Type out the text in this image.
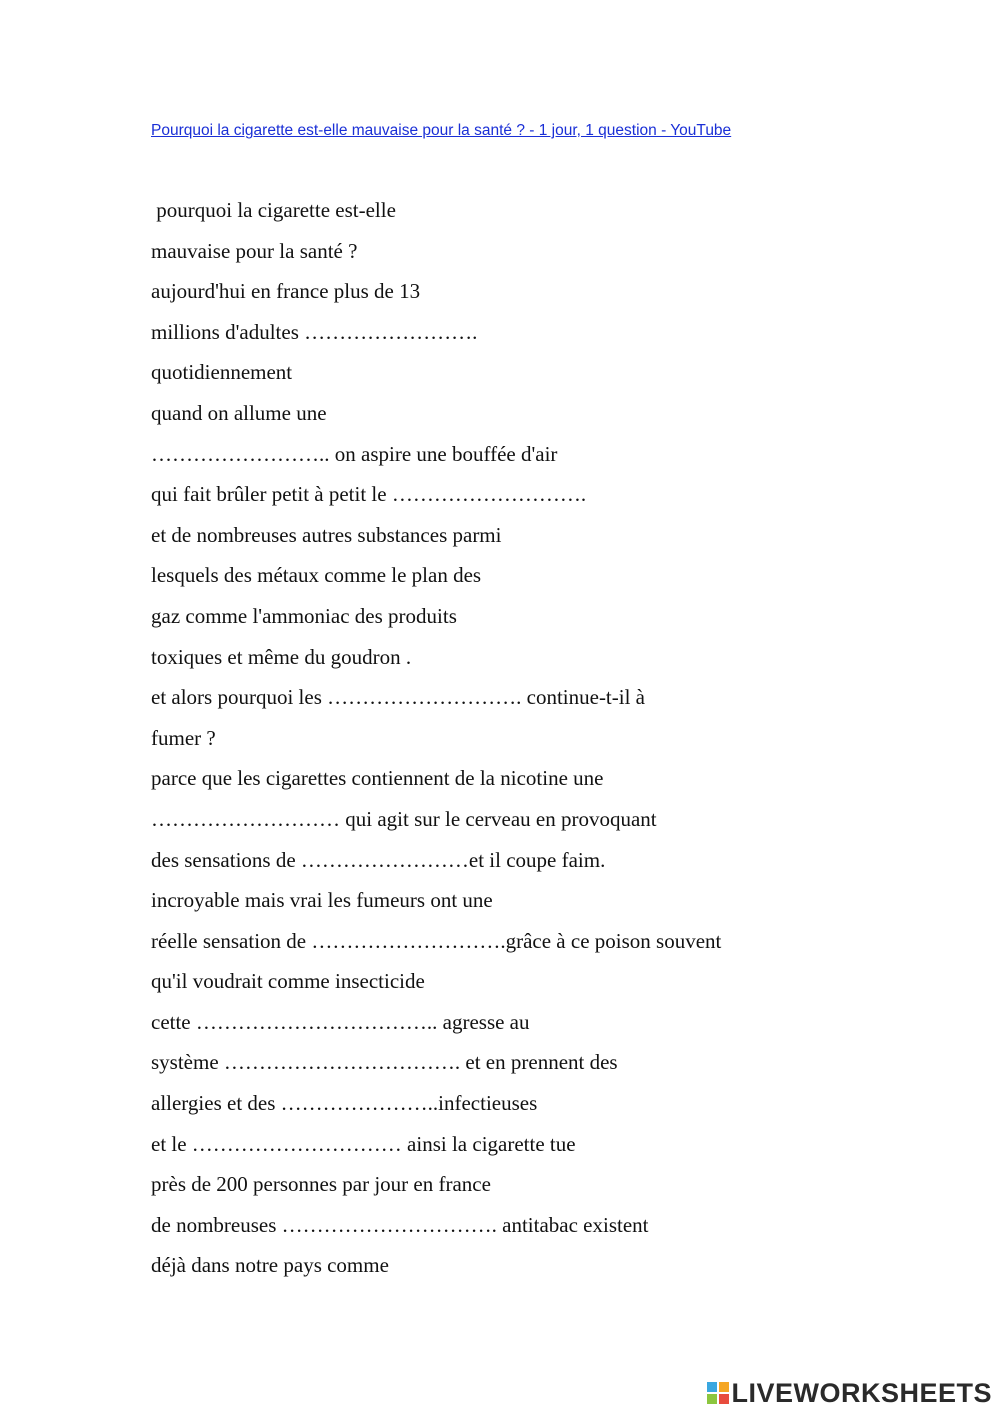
Pourquoi la cigarette est-elle mauvaise pour la santé ? - 1 jour, 1 question - YouTube
pourquoi la cigarette est-elle
mauvaise pour la santé ?
aujourd'hui en france plus de 13
millions d'adultes …………………….
quotidiennement
quand on allume une
…………………….. on aspire une bouffée d'air
qui fait brûler petit à petit le ……………………….
et de nombreuses autres substances parmi
lesquels des métaux comme le plan des
gaz comme l'ammoniac des produits
toxiques et même du goudron .
et alors pourquoi les ………………………. continue-t-il à
fumer ?
parce que les cigarettes contiennent de la nicotine une
……………………… qui agit sur le cerveau en provoquant
des sensations de ……………………et il coupe faim.
incroyable mais vrai les fumeurs ont une
réelle sensation de ……………………….grâce à ce poison souvent
qu'il voudrait comme insecticide
cette …………………………….. agresse au
système ……………………………. et en prennent des
allergies et des …………………..infectieuses
et le ………………………… ainsi la cigarette tue
près de 200 personnes par jour en france
de nombreuses …………………………. antitabac existent
déjà dans notre pays comme
LIVEWORKSHEETS
